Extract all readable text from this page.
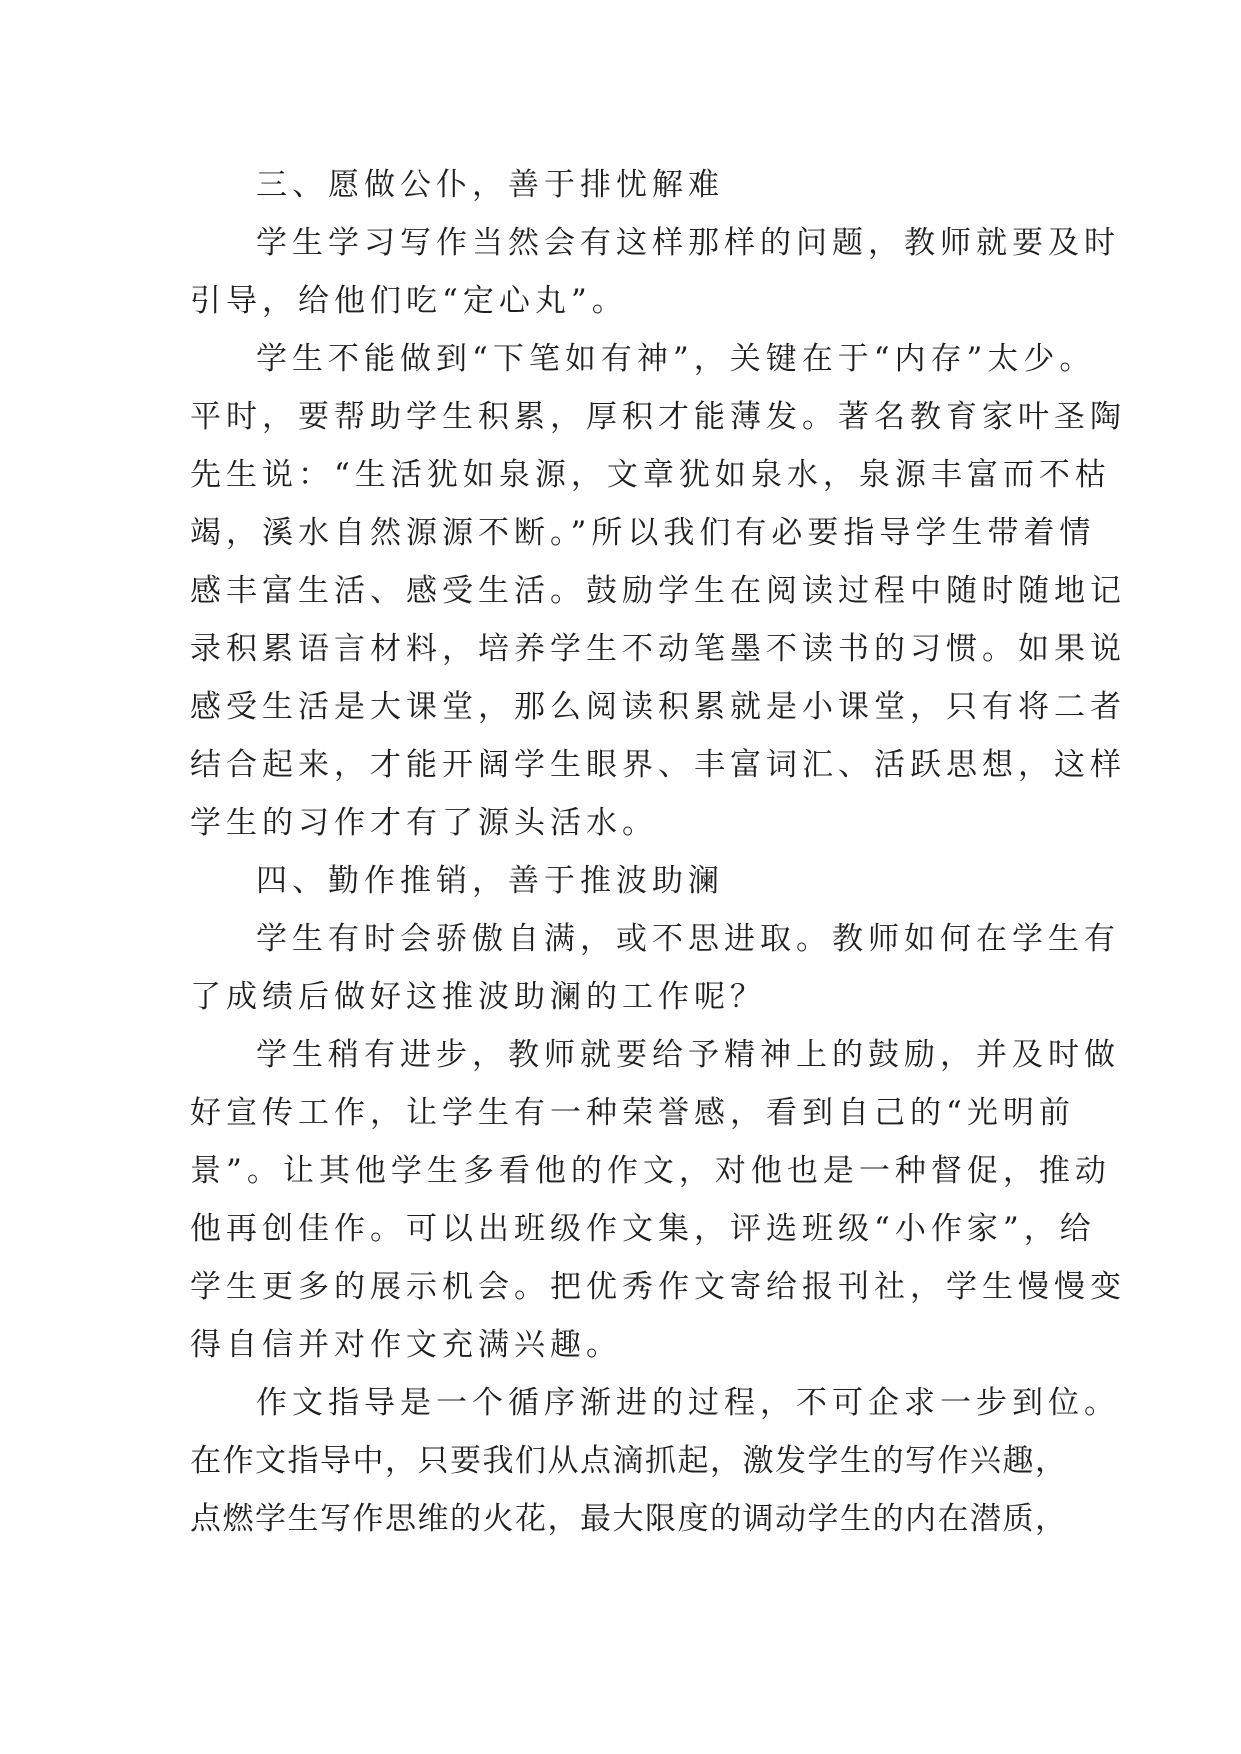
三、愿做公仆，善于排忧解难
学生学习写作当然会有这样那样的问题，教师就要及时
引导，给他们吃“定心丸”。
学生不能做到“下笔如有神”，关键在于“内存”太少。
平时，要帮助学生积累，厚积才能薄发。著名教育家叶圣陶
先生说：“生活犹如泉源，文章犹如泉水，泉源丰富而不枯
竭，溪水自然源源不断。”所以我们有必要指导学生带着情
感丰富生活、感受生活。鼓励学生在阅读过程中随时随地记
录积累语言材料，培养学生不动笔墨不读书的习惯。如果说
感受生活是大课堂，那么阅读积累就是小课堂，只有将二者
结合起来，才能开阔学生眼界、丰富词汇、活跃思想，这样
学生的习作才有了源头活水。
四、勤作推销，善于推波助澜
学生有时会骄傲自满，或不思进取。教师如何在学生有
了成绩后做好这推波助澜的工作呢？
学生稍有进步，教师就要给予精神上的鼓励，并及时做
好宣传工作，让学生有一种荣誉感，看到自己的“光明前
景”。让其他学生多看他的作文，对他也是一种督促，推动
他再创佳作。可以出班级作文集，评选班级“小作家”，给
学生更多的展示机会。把优秀作文寄给报刊社，学生慢慢变
得自信并对作文充满兴趣。
作文指导是一个循序渐进的过程，不可企求一步到位。
在作文指导中，只要我们从点滴抓起，激发学生的写作兴趣，
点燃学生写作思维的火花，最大限度的调动学生的内在潜质，
